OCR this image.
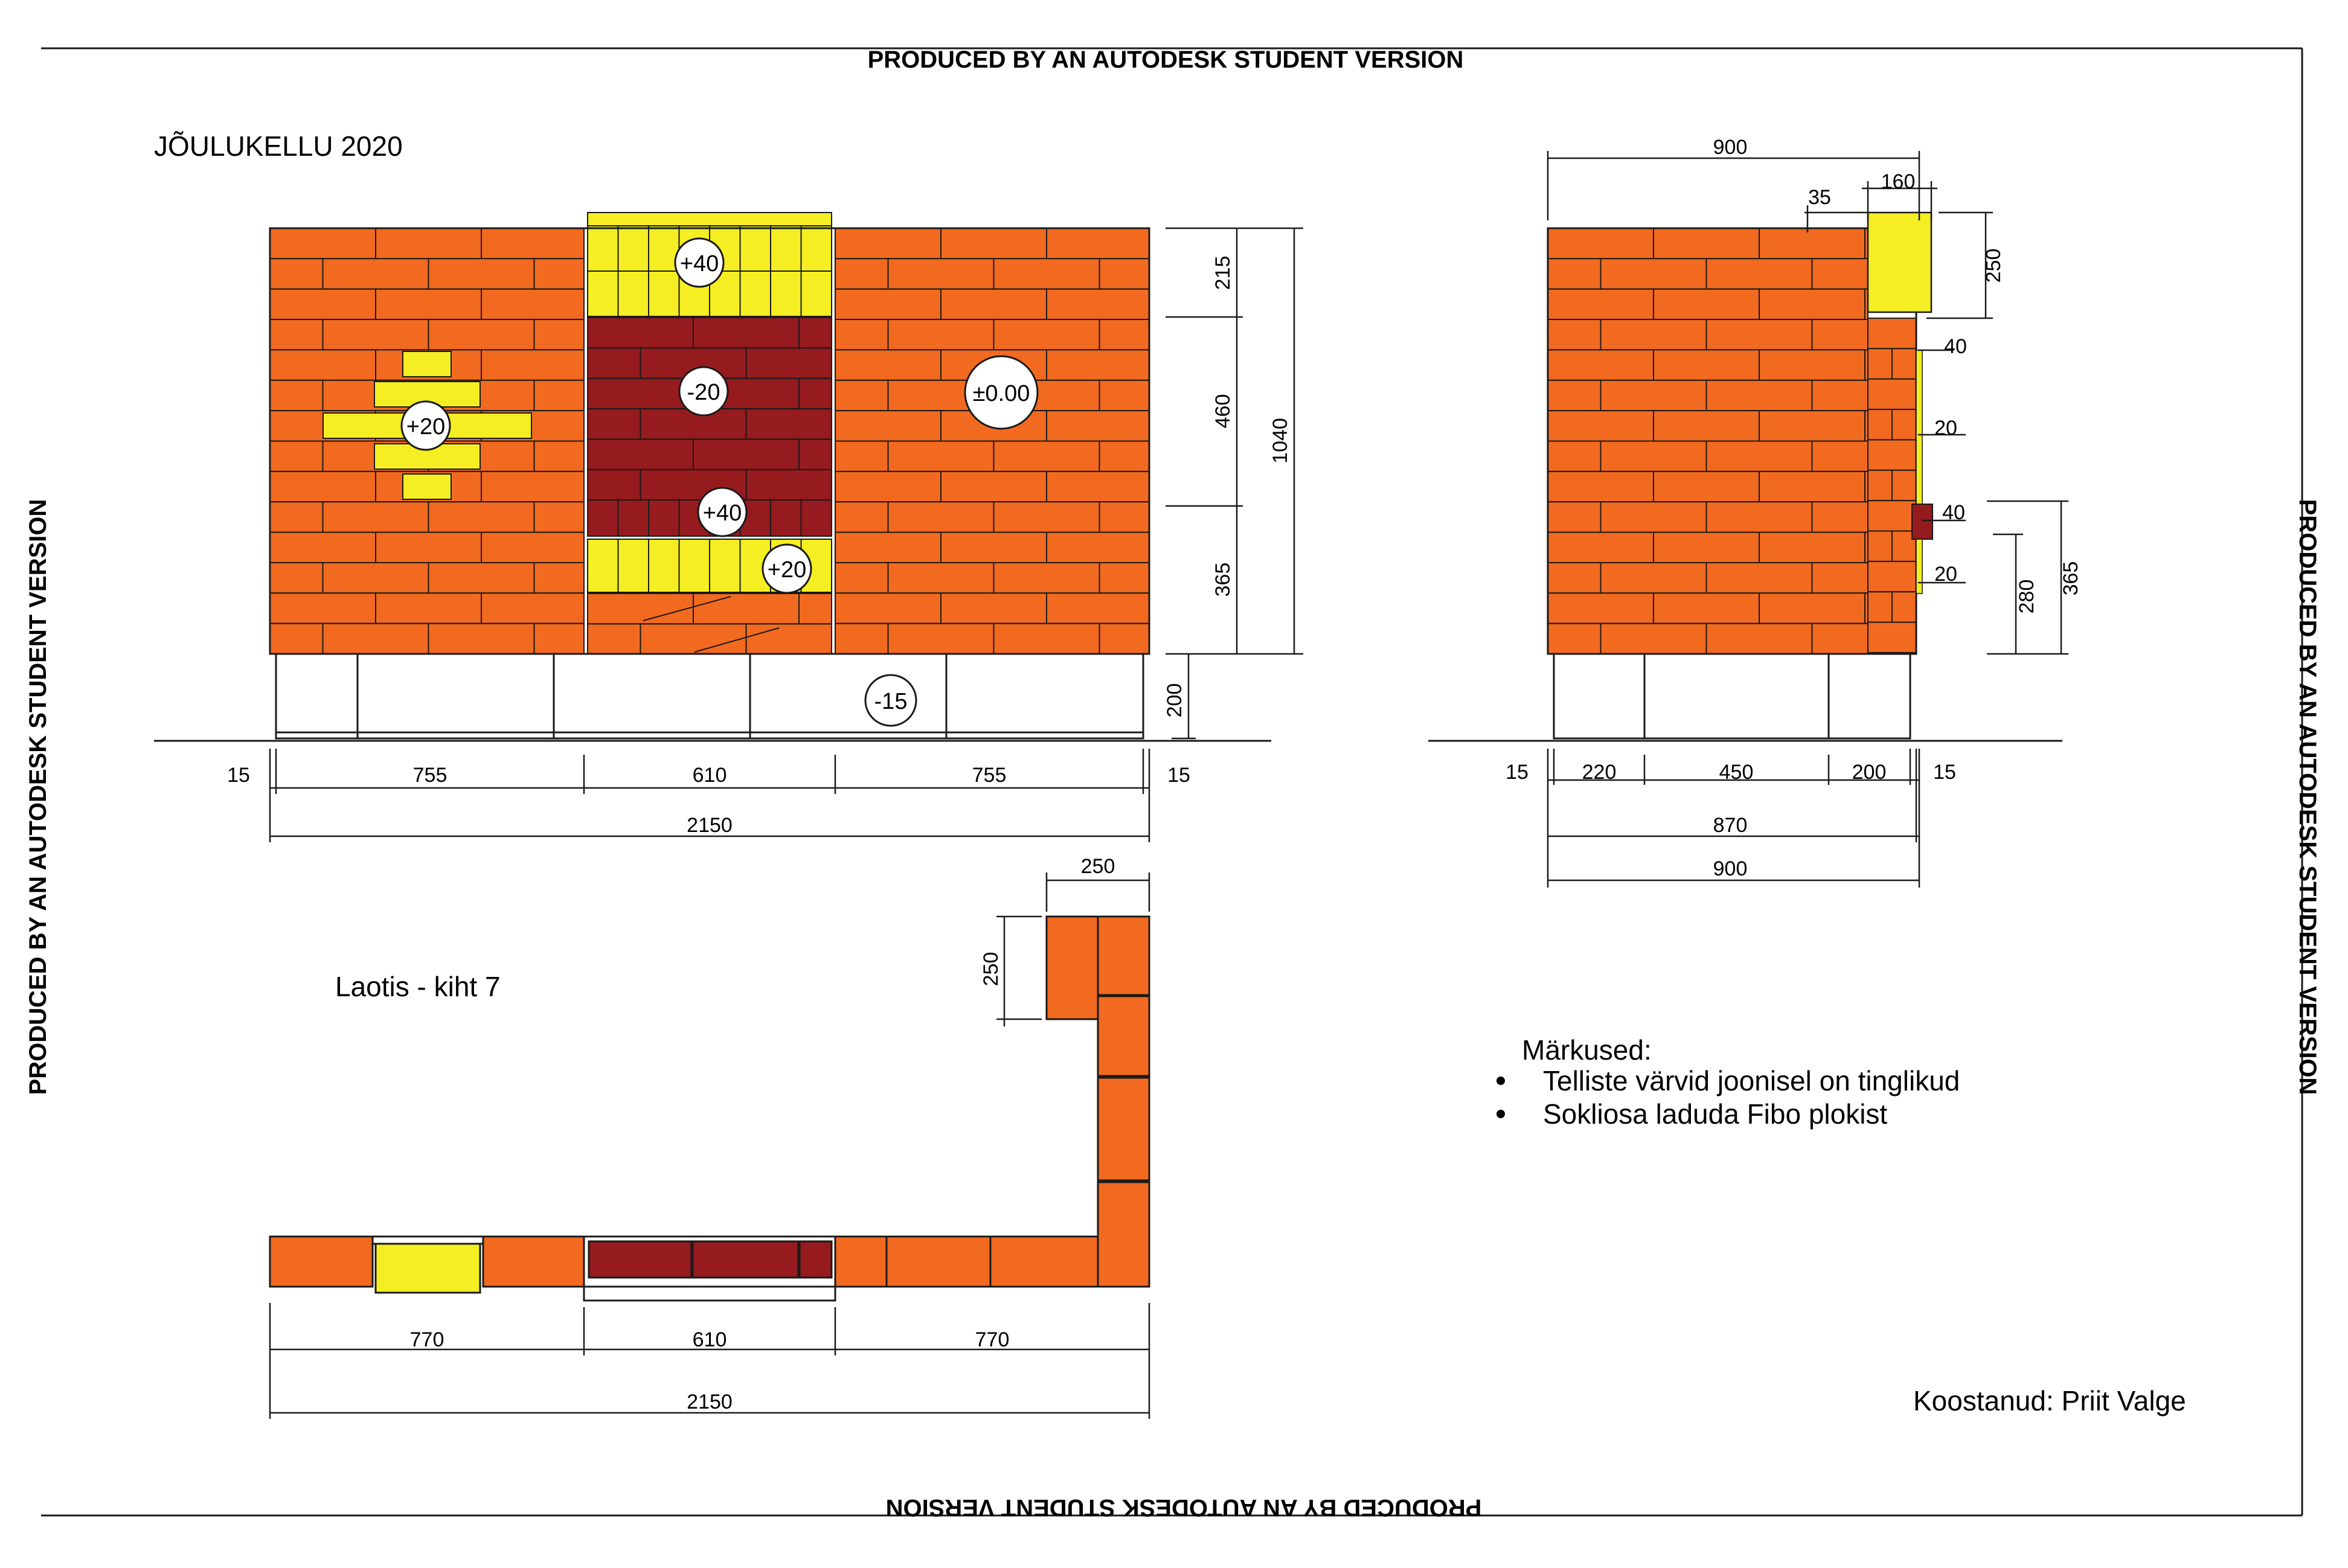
PRODUCED BY AN AUTODESK STUDENT VERSION
PRODUCED BY AN AUTODESK STUDENT VERSION
PRODUCED BY AN AUTODESK STUDENT VERSION	PRODUCED BY AN AUTODESK STUDENT VERSION
JÕULUKELLU 2020
Laotis - kiht 7
Märkused:
Telliste värvid joonisel on tinglikud
Sokliosa laduda Fibo plokist
Koostanud: Priit Valge
+40
-20
+20
±0.00
+40
+20
-15
15	755	610	755	15
2150
215
460
365
1040
200
900
35
160
250
40
20
40
20
280
365
15	220	450	200 15
870
900
770	610	770
2150
250
250
